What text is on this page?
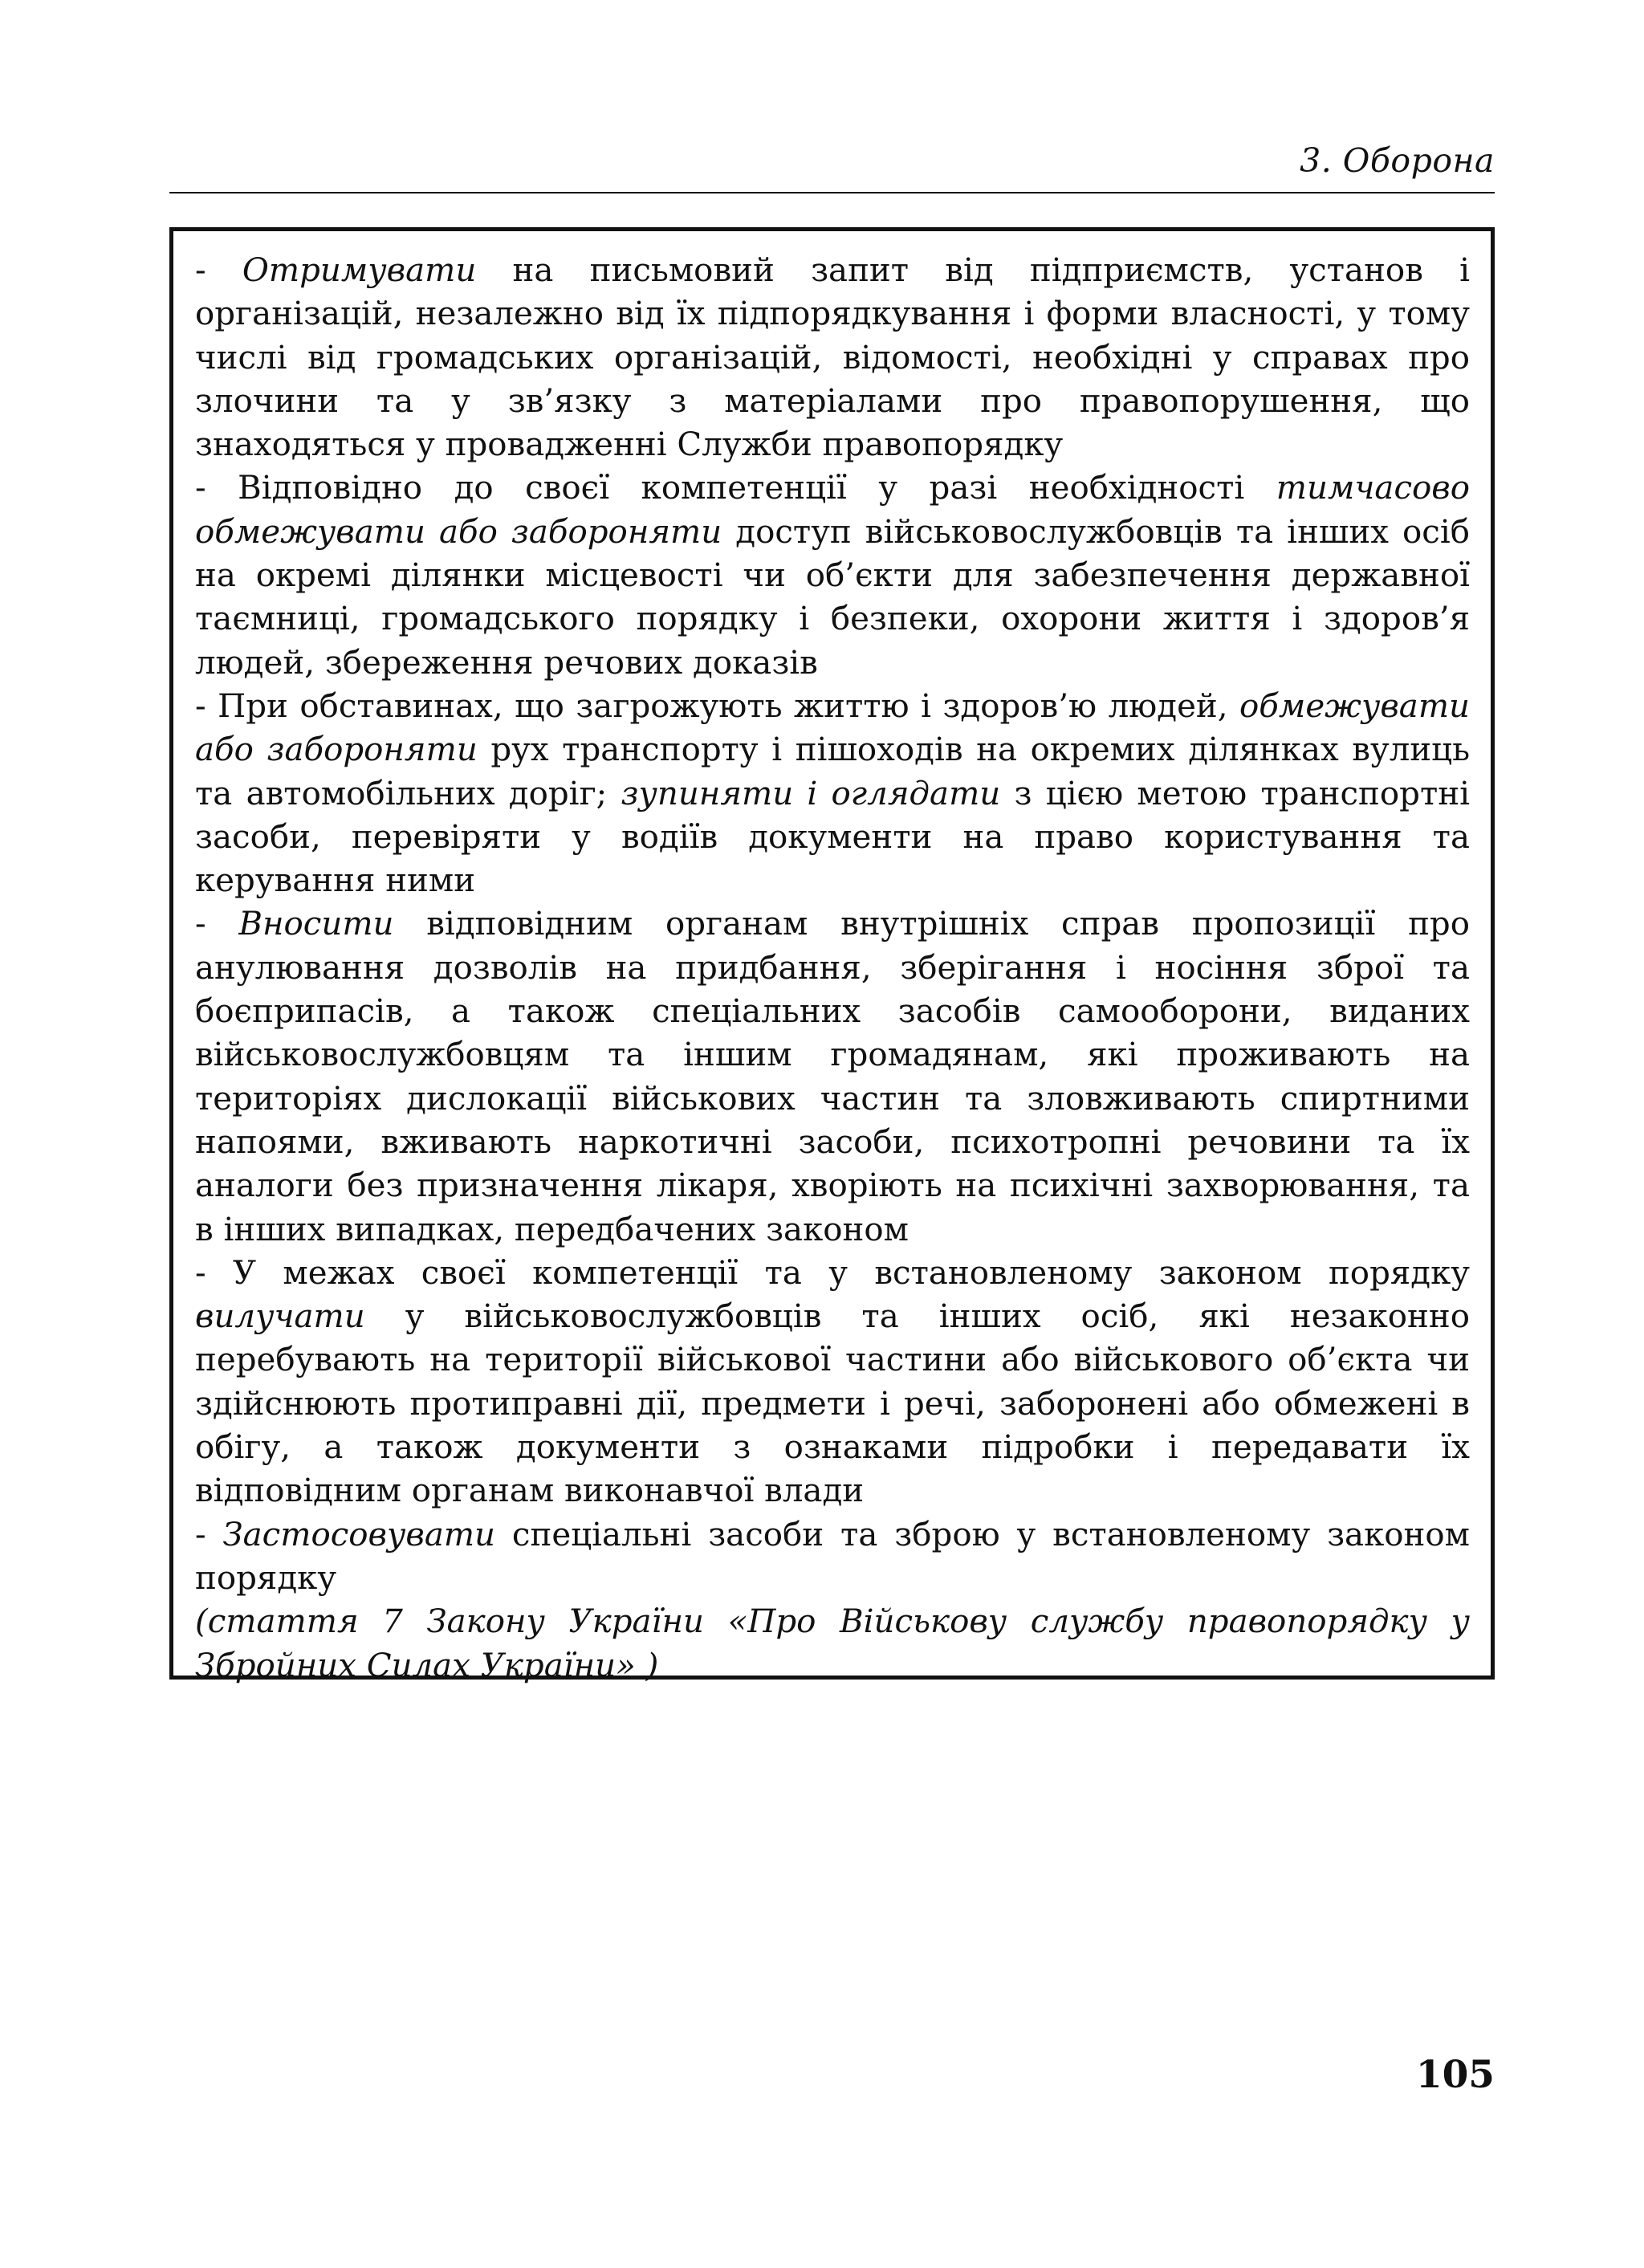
3. Оборона

- Отримувати на письмовий запит від підприємств, установ і організацій, незалежно від їх підпорядкування і форми власності, у тому числі від громадських організацій, відомості, необхідні у справах про злочини та у зв’язку з матеріалами про правопорушення, що знаходяться у провадженні Служби правопорядку

- Відповідно до своєї компетенції у разі необхідності тимчасово обмежувати або забороняти доступ військовослужбовців та інших осіб на окремі ділянки місцевості чи об’єкти для забезпечення державної таємниці, громадського порядку і безпеки, охорони життя і здоров’я людей, збереження речових доказів

- При обставинах, що загрожують життю і здоров’ю людей, обмежувати або забороняти рух транспорту і пішоходів на окремих ділянках вулиць та автомобільних доріг; зупиняти і оглядати з цією метою транспортні засоби, перевіряти у водіїв документи на право користування та керування ними

- Вносити відповідним органам внутрішніх справ пропозиції про анулювання дозволів на придбання, зберігання і носіння зброї та боєприпасів, а також спеціальних засобів самооборони, виданих військовослужбовцям та іншим громадянам, які проживають на територіях дислокації військових частин та зловживають спиртними напоями, вживають наркотичні засоби, психотропні речовини та їх аналоги без призначення лікаря, хворіють на психічні захворювання, та в інших випадках, передбачених законом

- У межах своєї компетенції та у встановленому законом порядку вилучати у військовослужбовців та інших осіб, які незаконно перебувають на території військової частини або військового об’єкта чи здійснюють протиправні дії, предмети і речі, заборонені або обмежені в обігу, а також документи з ознаками підробки і передавати їх відповідним органам виконавчої влади

- Застосовувати спеціальні засоби та зброю у встановленому законом порядку

(стаття 7 Закону України «Про Військову службу правопорядку у Збройних Силах України» )

105
